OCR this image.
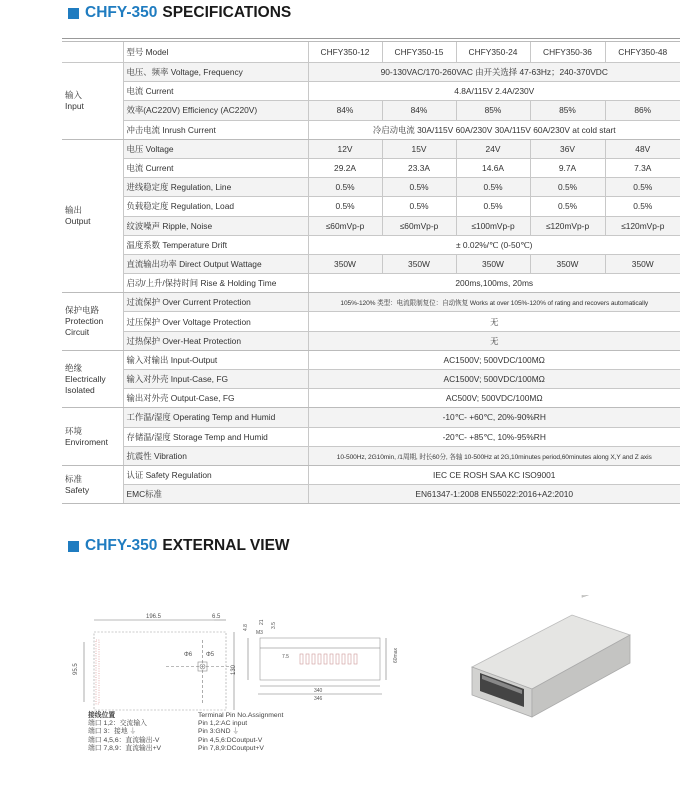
CHFY-350 SPECIFICATIONS
	型号 Model	CHFY350-12	CHFY350-15	CHFY350-24	CHFY350-36	CHFY350-48

输入
Input	电压、频率 Voltage, Frequency	90-130VAC/170-260VAC 由开关选择 47-63Hz；240-370VDC				
	电流 Current	4.8A/115V 2.4A/230V				
	效率(AC220V) Efficiency (AC220V)	84%	84%	85%	85%	86%
	冲击电流 Inrush Current	冷启动电流 30A/115V 60A/230V 30A/115V 60A/230V at cold start				

输出
Output	电压 Voltage	12V	15V	24V	36V	48V
	电流 Current	29.2A	23.3A	14.6A	9.7A	7.3A
	进线稳定度 Regulation, Line	0.5%	0.5%	0.5%	0.5%	0.5%
	负载稳定度 Regulation, Load	0.5%	0.5%	0.5%	0.5%	0.5%
	纹波噪声 Ripple, Noise	≤60mVp-p	≤60mVp-p	≤100mVp-p	≤120mVp-p	≤120mVp-p
	温度系数 Temperature Drift	± 0.02%/℃ (0-50℃)				
	直流输出功率 Direct Output Wattage	350W	350W	350W	350W	350W
	启动/上升/保持时间 Rise & Holding Time	200ms,100ms, 20ms				

保护电路
Protection
Circuit	过流保护 Over Current Protection	105%-120% 类型：电流限制复位：自动恢复 Works at over 105%-120% of rating and recovers automatically				
	过压保护 Over Voltage Protection	无				
	过热保护 Over-Heat Protection	无				

绝缘
Electrically
Isolated	输入对输出 Input-Output	AC1500V; 500VDC/100MΩ				
	输入对外壳 Input-Case, FG	AC1500V; 500VDC/100MΩ				
	输出对外壳 Output-Case, FG	AC500V; 500VDC/100MΩ				

环境
Enviroment	工作温/湿度 Operating Temp and Humid	-10℃- +60℃, 20%-90%RH				
	存储温/湿度 Storage Temp and Humid	-20℃- +85℃, 10%-95%RH				
	抗震性 Vibration	10-500Hz, 2G10min, /1周期, 时长60分, 各轴 10-500Hz at 2G,10minutes period,60minutes along X,Y and Z axis				

标准
Safety	认证 Safety Regulation	IEC CE ROSH SAA KC ISO9001				
	EMC标准	EN61347-1:2008 EN55022:2016+A2:2010				
CHFY-350 EXTERNAL VIEW
196.5	6.5
95.5	130
Φ6 Φ5
4.8
21
M3
3.5
7.5	60max
340
346
接线位置
端口 1,2：交流输入
端口 3：接地 ⏚
端口 4,5,6：直流输出-V
端口 7,8,9：直流输出+V
Terminal Pin No.Assignment
Pin 1,2:AC input
Pin 3:GND ⏚
Pin 4,5,6:DCoutput-V
Pin 7,8,9:DCoutput+V
